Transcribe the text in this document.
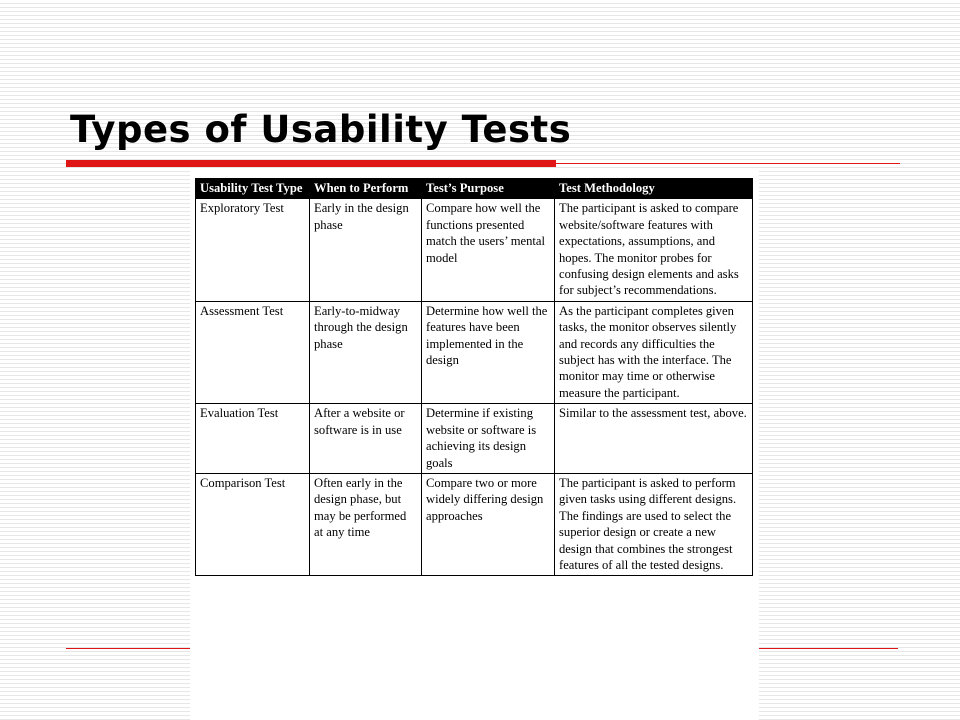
Types of Usability Tests
Usability Test Type	When to Perform	Test’s Purpose	Test Methodology
Exploratory Test	Early in the design phase	Compare how well the functions presented match the users’ mental model	The participant is asked to compare website/software features with expectations, assumptions, and hopes. The monitor probes for confusing design elements and asks for subject’s recommendations.
Assessment Test	Early-to-midway through the design phase	Determine how well the features have been implemented in the design	As the participant completes given tasks, the monitor observes silently and records any difficulties the subject has with the interface. The monitor may time or otherwise measure the participant.
Evaluation Test	After a website or software is in use	Determine if existing website or software is achieving its design goals	Similar to the assessment test, above.
Comparison Test	Often early in the design phase, but may be performed at any time	Compare two or more widely differing design approaches	The participant is asked to perform given tasks using different designs. The findings are used to select the superior design or create a new design that combines the strongest features of all the tested designs.
